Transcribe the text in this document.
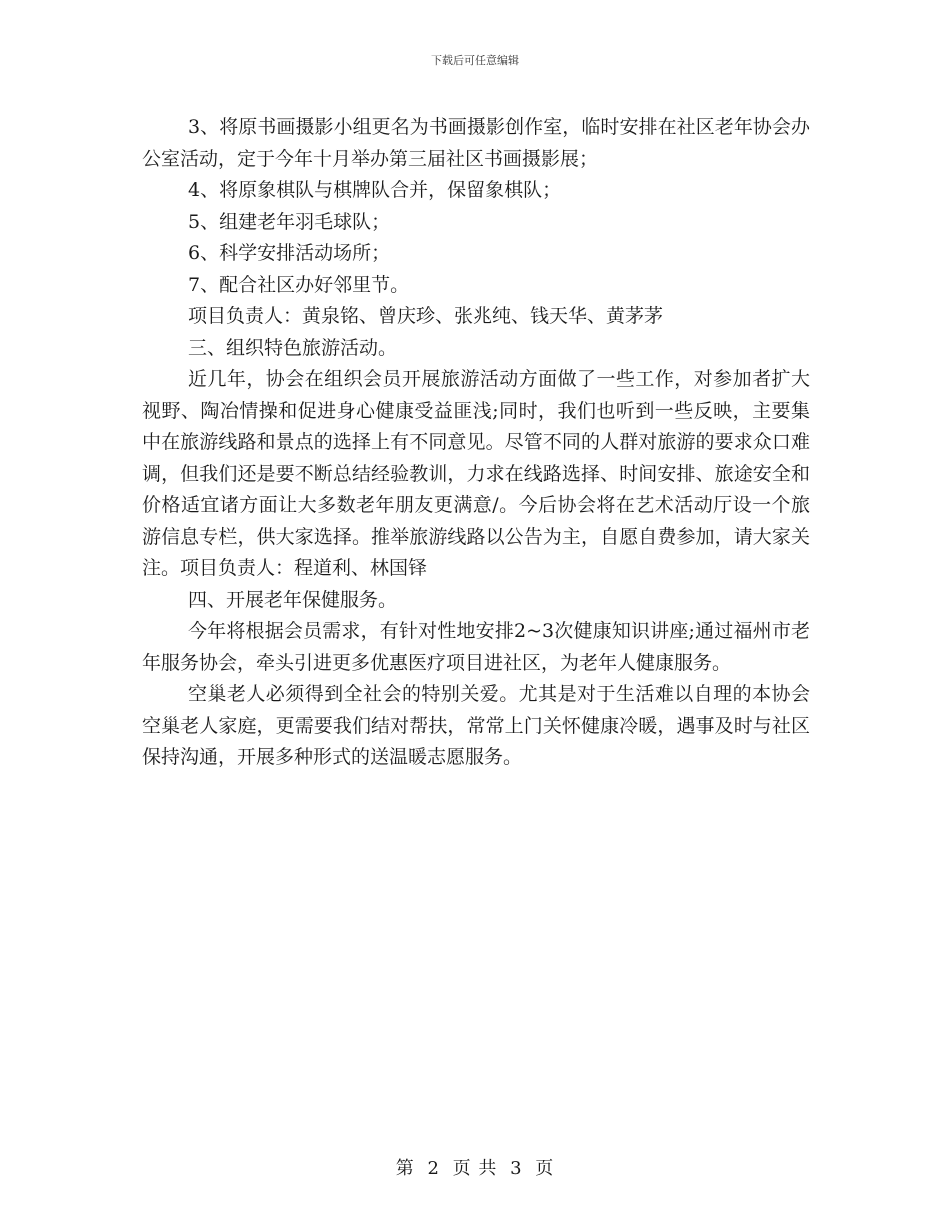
下载后可任意编辑

3、将原书画摄影小组更名为书画摄影创作室，临时安排在社区老年协会办公室活动，定于今年十月举办第三届社区书画摄影展；

4、将原象棋队与棋牌队合并，保留象棋队；

5、组建老年羽毛球队；

6、科学安排活动场所；

7、配合社区办好邻里节。

项目负责人：黄泉铭、曾庆珍、张兆纯、钱天华、黄茅茅

三、组织特色旅游活动。

近几年，协会在组织会员开展旅游活动方面做了一些工作，对参加者扩大视野、陶冶情操和促进身心健康受益匪浅;同时，我们也听到一些反映，主要集中在旅游线路和景点的选择上有不同意见。尽管不同的人群对旅游的要求众口难调，但我们还是要不断总结经验教训，力求在线路选择、时间安排、旅途安全和价格适宜诸方面让大多数老年朋友更满意/。今后协会将在艺术活动厅设一个旅游信息专栏，供大家选择。推举旅游线路以公告为主，自愿自费参加，请大家关注。项目负责人：程道利、林国铎

四、开展老年保健服务。

今年将根据会员需求，有针对性地安排2~3次健康知识讲座;通过福州市老年服务协会，牵头引进更多优惠医疗项目进社区，为老年人健康服务。

空巢老人必须得到全社会的特别关爱。尤其是对于生活难以自理的本协会空巢老人家庭，更需要我们结对帮扶，常常上门关怀健康冷暖，遇事及时与社区保持沟通，开展多种形式的送温暖志愿服务。

第 2 页 共 3 页
